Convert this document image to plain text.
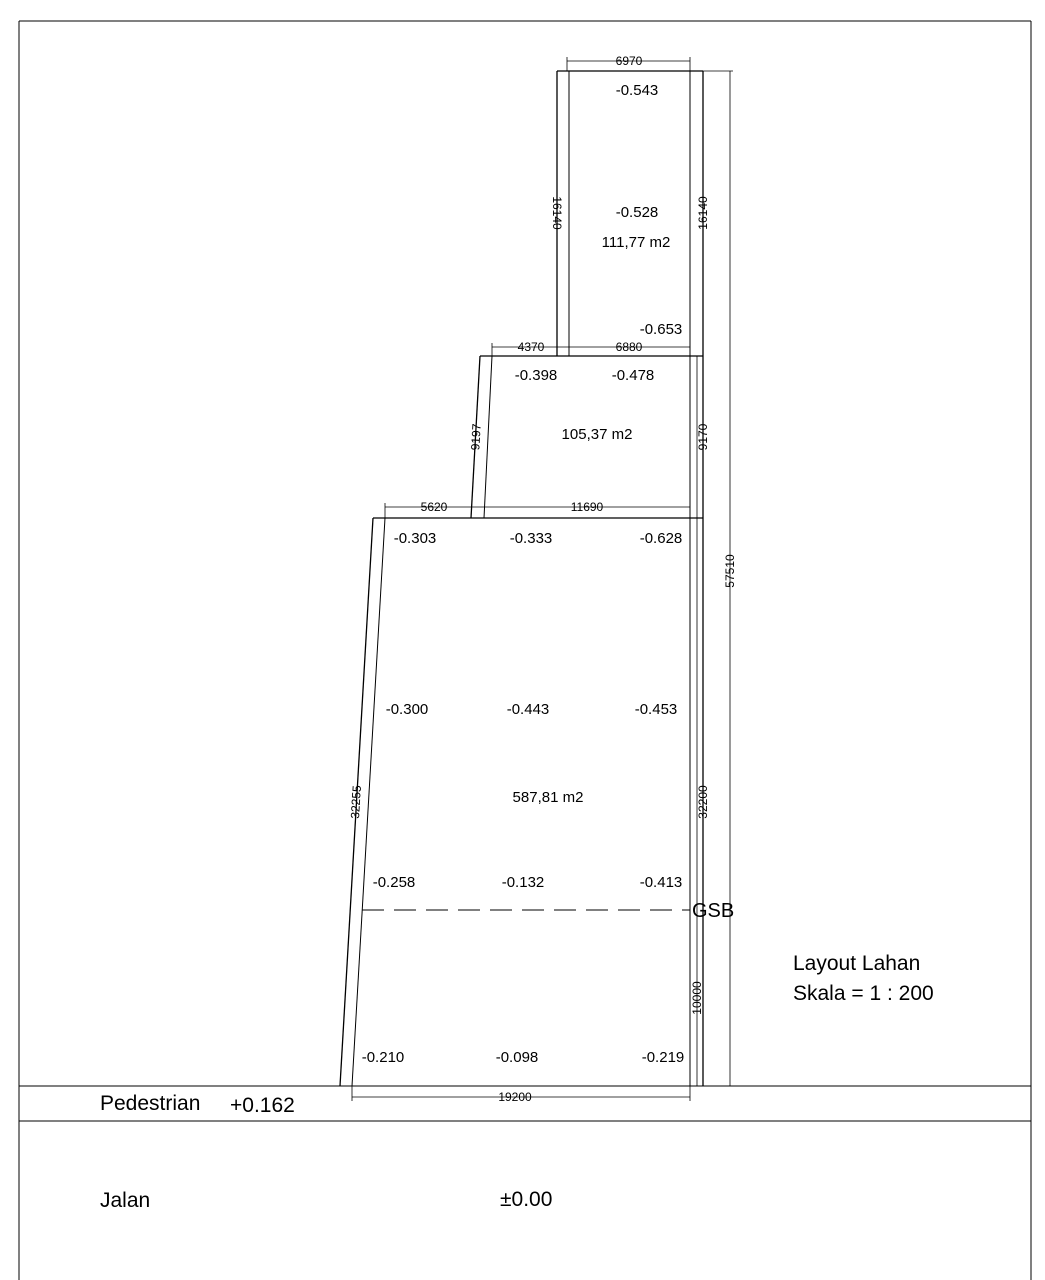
GSB
6970
16140	16140
4370	6880
9197	9170
5620	11690
32255	32200
10000
57510
19200
-0.543
-0.528
-0.653
-0.398	-0.478
-0.303	-0.333	-0.628
-0.300	-0.443	-0.453
-0.258	-0.132	-0.413
-0.210	-0.098	-0.219
111,77 m2
105,37 m2
587,81 m2
Layout Lahan
Skala = 1 : 200
Pedestrian +0.162
Jalan	±0.00
